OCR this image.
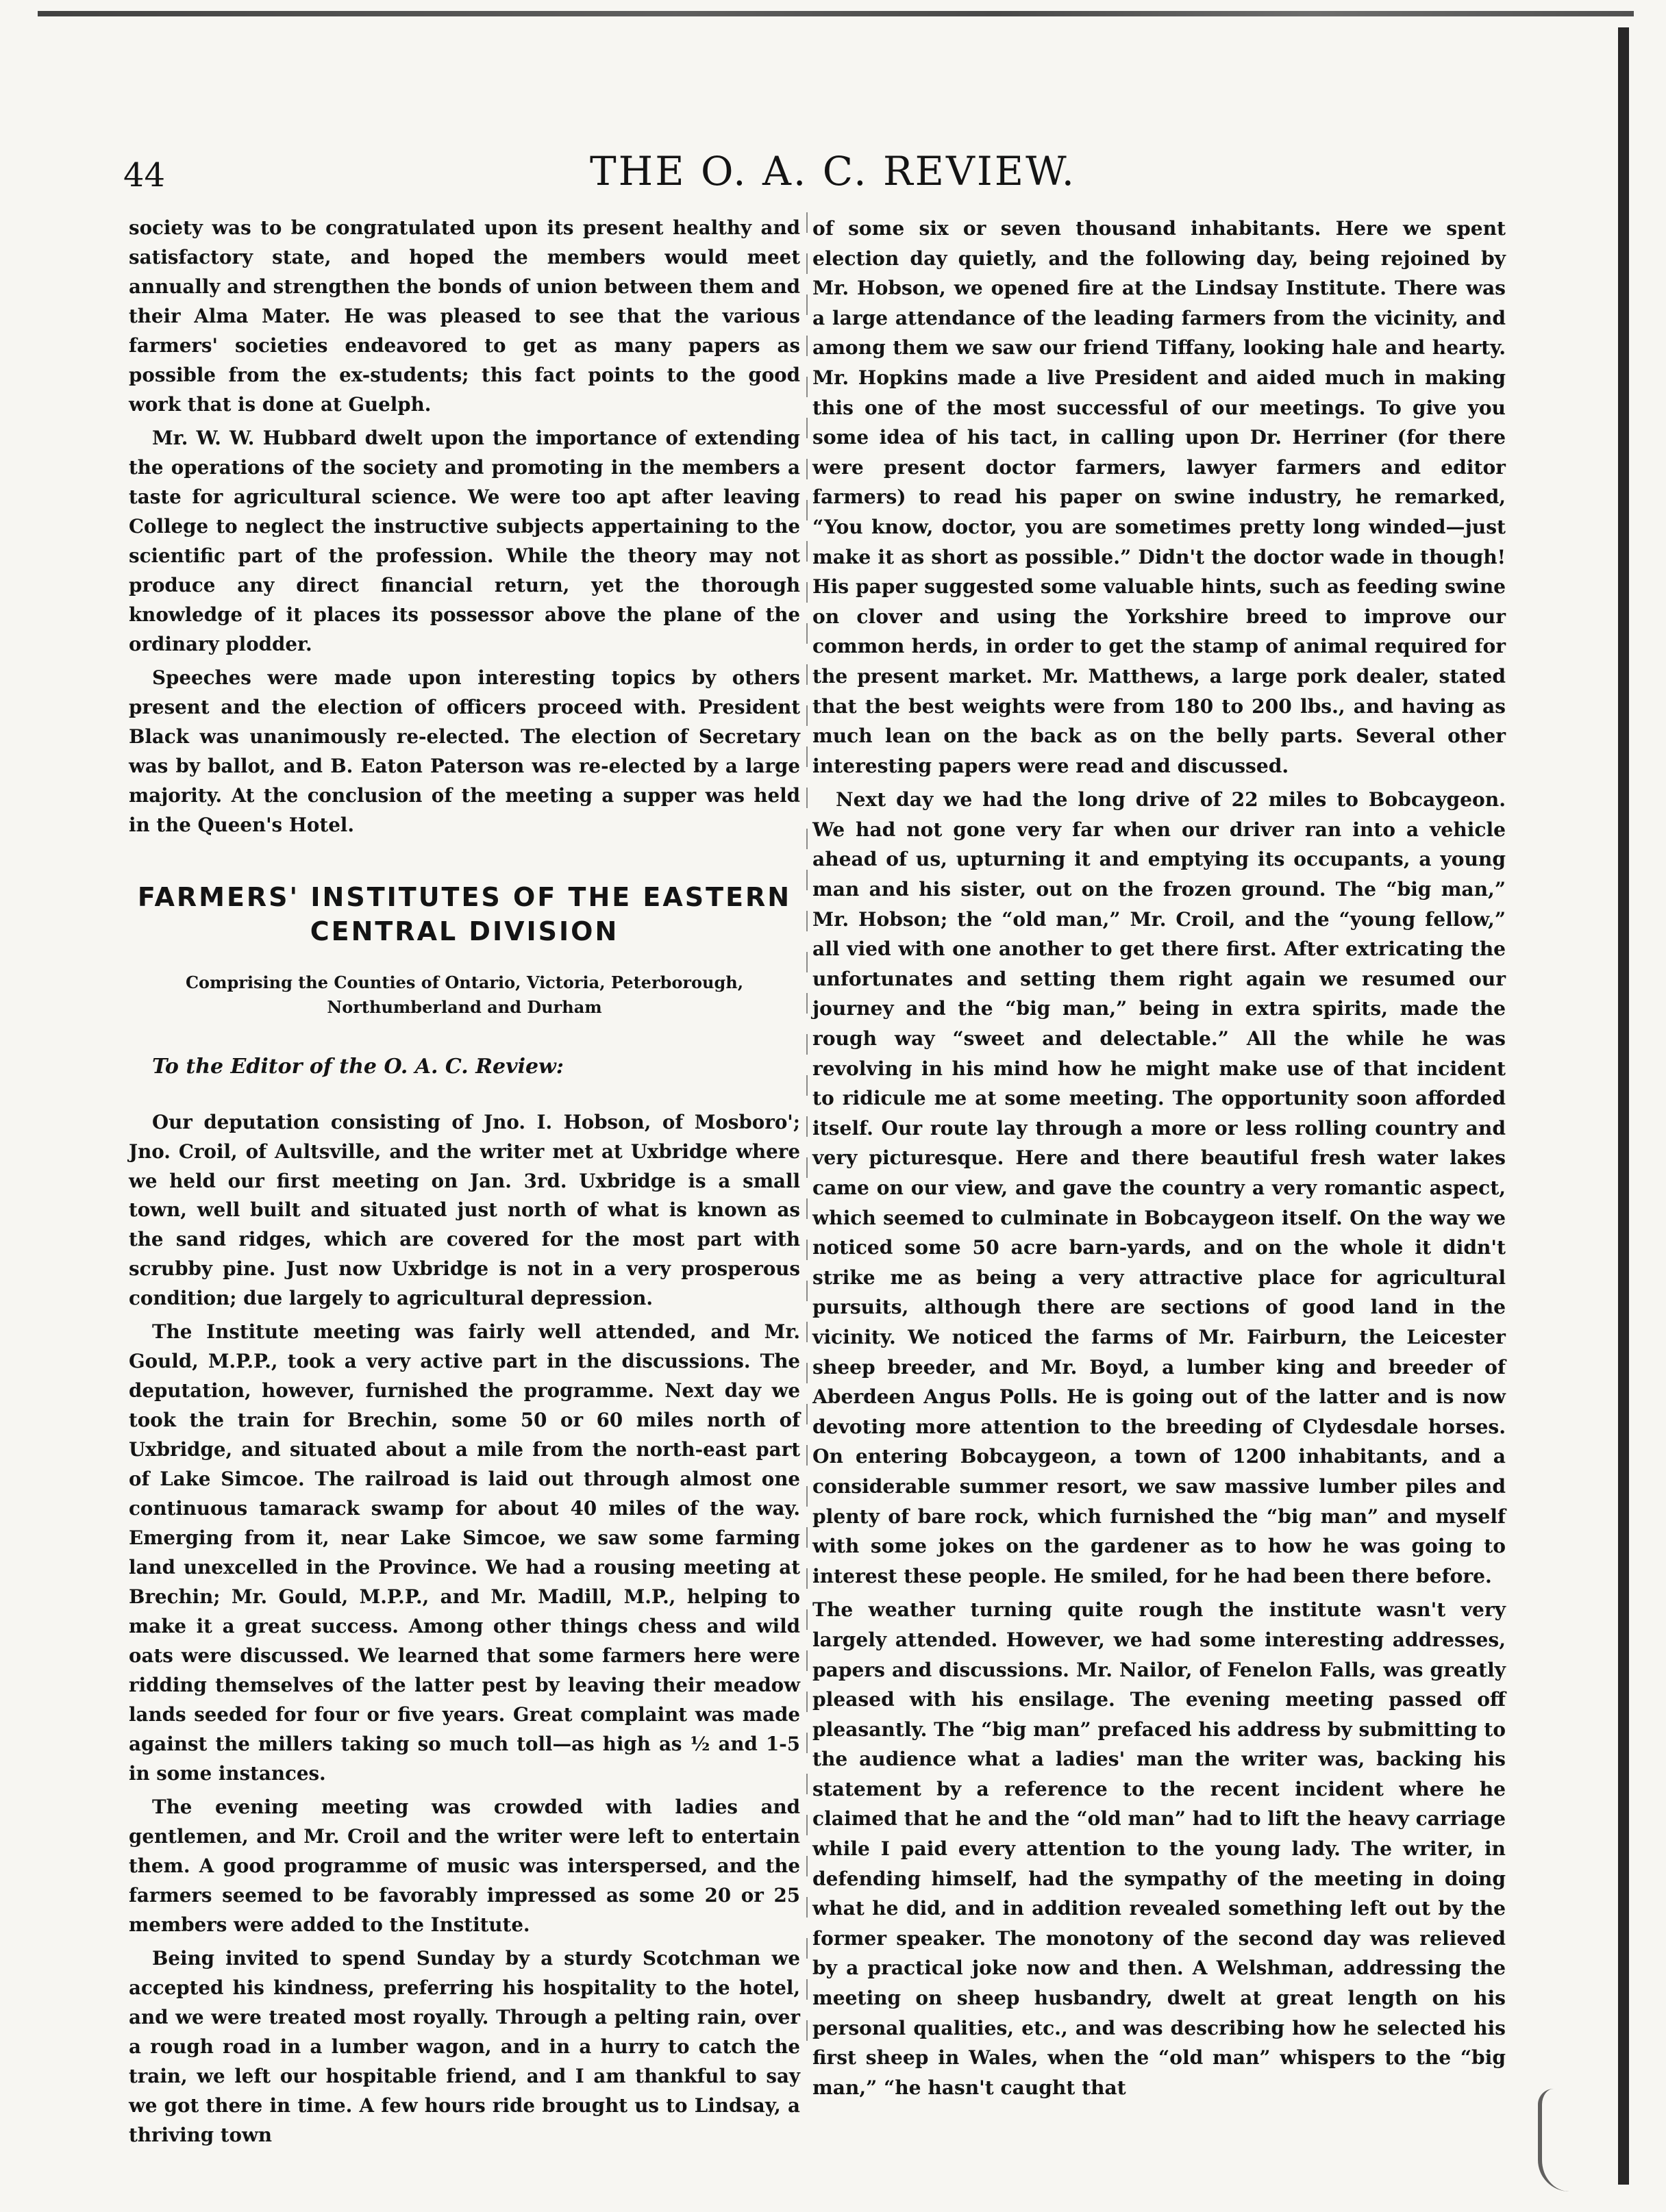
44	THE O. A. C. REVIEW.

society was to be congratulated upon its present healthy and satisfactory state, and hoped the members would meet annually and strengthen the bonds of union between them and their Alma Mater. He was pleased to see that the various farmers' societies endeavored to get as many papers as possible from the ex-students; this fact points to the good work that is done at Guelph.

Mr. W. W. Hubbard dwelt upon the importance of extending the operations of the society and promoting in the members a taste for agricultural science. We were too apt after leaving College to neglect the instructive subjects appertaining to the scientific part of the profession. While the theory may not produce any direct financial return, yet the thorough knowledge of it places its possessor above the plane of the ordinary plodder.

Speeches were made upon interesting topics by others present and the election of officers proceed with. President Black was unanimously re-elected. The election of Secretary was by ballot, and B. Eaton Paterson was re-elected by a large majority. At the conclusion of the meeting a supper was held in the Queen's Hotel.

FARMERS' INSTITUTES OF THE EASTERN
CENTRAL DIVISION
Comprising the Counties of Ontario, Victoria, Peterborough, Northumberland and Durham
To the Editor of the O. A. C. Review:

Our deputation consisting of Jno. I. Hobson, of Mosboro'; Jno. Croil, of Aultsville, and the writer met at Uxbridge where we held our first meeting on Jan. 3rd. Uxbridge is a small town, well built and situated just north of what is known as the sand ridges, which are covered for the most part with scrubby pine. Just now Uxbridge is not in a very prosperous condition; due largely to agricultural depression.

The Institute meeting was fairly well attended, and Mr. Gould, M.P.P., took a very active part in the discussions. The deputation, however, furnished the programme. Next day we took the train for Brechin, some 50 or 60 miles north of Uxbridge, and situated about a mile from the north-east part of Lake Simcoe. The railroad is laid out through almost one continuous tamarack swamp for about 40 miles of the way. Emerging from it, near Lake Simcoe, we saw some farming land unexcelled in the Province. We had a rousing meeting at Brechin; Mr. Gould, M.P.P., and Mr. Madill, M.P., helping to make it a great success. Among other things chess and wild oats were discussed. We learned that some farmers here were ridding themselves of the latter pest by leaving their meadow lands seeded for four or five years. Great complaint was made against the millers taking so much toll—as high as ½ and 1-5 in some instances.

The evening meeting was crowded with ladies and gentlemen, and Mr. Croil and the writer were left to entertain them. A good programme of music was interspersed, and the farmers seemed to be favorably impressed as some 20 or 25 members were added to the Institute.

Being invited to spend Sunday by a sturdy Scotchman we accepted his kindness, preferring his hospitality to the hotel, and we were treated most royally. Through a pelting rain, over a rough road in a lumber wagon, and in a hurry to catch the train, we left our hospitable friend, and I am thankful to say we got there in time. A few hours ride brought us to Lindsay, a thriving town

of some six or seven thousand inhabitants. Here we spent election day quietly, and the following day, being rejoined by Mr. Hobson, we opened fire at the Lindsay Institute. There was a large attendance of the leading farmers from the vicinity, and among them we saw our friend Tiffany, looking hale and hearty. Mr. Hopkins made a live President and aided much in making this one of the most successful of our meetings. To give you some idea of his tact, in calling upon Dr. Herriner (for there were present doctor farmers, lawyer farmers and editor farmers) to read his paper on swine industry, he remarked, “You know, doctor, you are sometimes pretty long winded—just make it as short as possible.” Didn't the doctor wade in though! His paper suggested some valuable hints, such as feeding swine on clover and using the Yorkshire breed to improve our common herds, in order to get the stamp of animal required for the present market. Mr. Matthews, a large pork dealer, stated that the best weights were from 180 to 200 lbs., and having as much lean on the back as on the belly parts. Several other interesting papers were read and discussed.

Next day we had the long drive of 22 miles to Bobcaygeon. We had not gone very far when our driver ran into a vehicle ahead of us, upturning it and emptying its occupants, a young man and his sister, out on the frozen ground. The “big man,” Mr. Hobson; the “old man,” Mr. Croil, and the “young fellow,” all vied with one another to get there first. After extricating the unfortunates and setting them right again we resumed our journey and the “big man,” being in extra spirits, made the rough way “sweet and delectable.” All the while he was revolving in his mind how he might make use of that incident to ridicule me at some meeting. The opportunity soon afforded itself. Our route lay through a more or less rolling country and very picturesque. Here and there beautiful fresh water lakes came on our view, and gave the country a very romantic aspect, which seemed to culminate in Bobcaygeon itself. On the way we noticed some 50 acre barn-yards, and on the whole it didn't strike me as being a very attractive place for agricultural pursuits, although there are sections of good land in the vicinity. We noticed the farms of Mr. Fairburn, the Leicester sheep breeder, and Mr. Boyd, a lumber king and breeder of Aberdeen Angus Polls. He is going out of the latter and is now devoting more attention to the breeding of Clydesdale horses. On entering Bobcaygeon, a town of 1200 inhabitants, and a considerable summer resort, we saw massive lumber piles and plenty of bare rock, which furnished the “big man” and myself with some jokes on the gardener as to how he was going to interest these people. He smiled, for he had been there before.

The weather turning quite rough the institute wasn't very largely attended. However, we had some interesting addresses, papers and discussions. Mr. Nailor, of Fenelon Falls, was greatly pleased with his ensilage. The evening meeting passed off pleasantly. The “big man” prefaced his address by submitting to the audience what a ladies' man the writer was, backing his statement by a reference to the recent incident where he claimed that he and the “old man” had to lift the heavy carriage while I paid every attention to the young lady. The writer, in defending himself, had the sympathy of the meeting in doing what he did, and in addition revealed something left out by the former speaker. The monotony of the second day was relieved by a practical joke now and then. A Welshman, addressing the meeting on sheep husbandry, dwelt at great length on his personal qualities, etc., and was describing how he selected his first sheep in Wales, when the “old man” whispers to the “big man,” “he hasn't caught that
